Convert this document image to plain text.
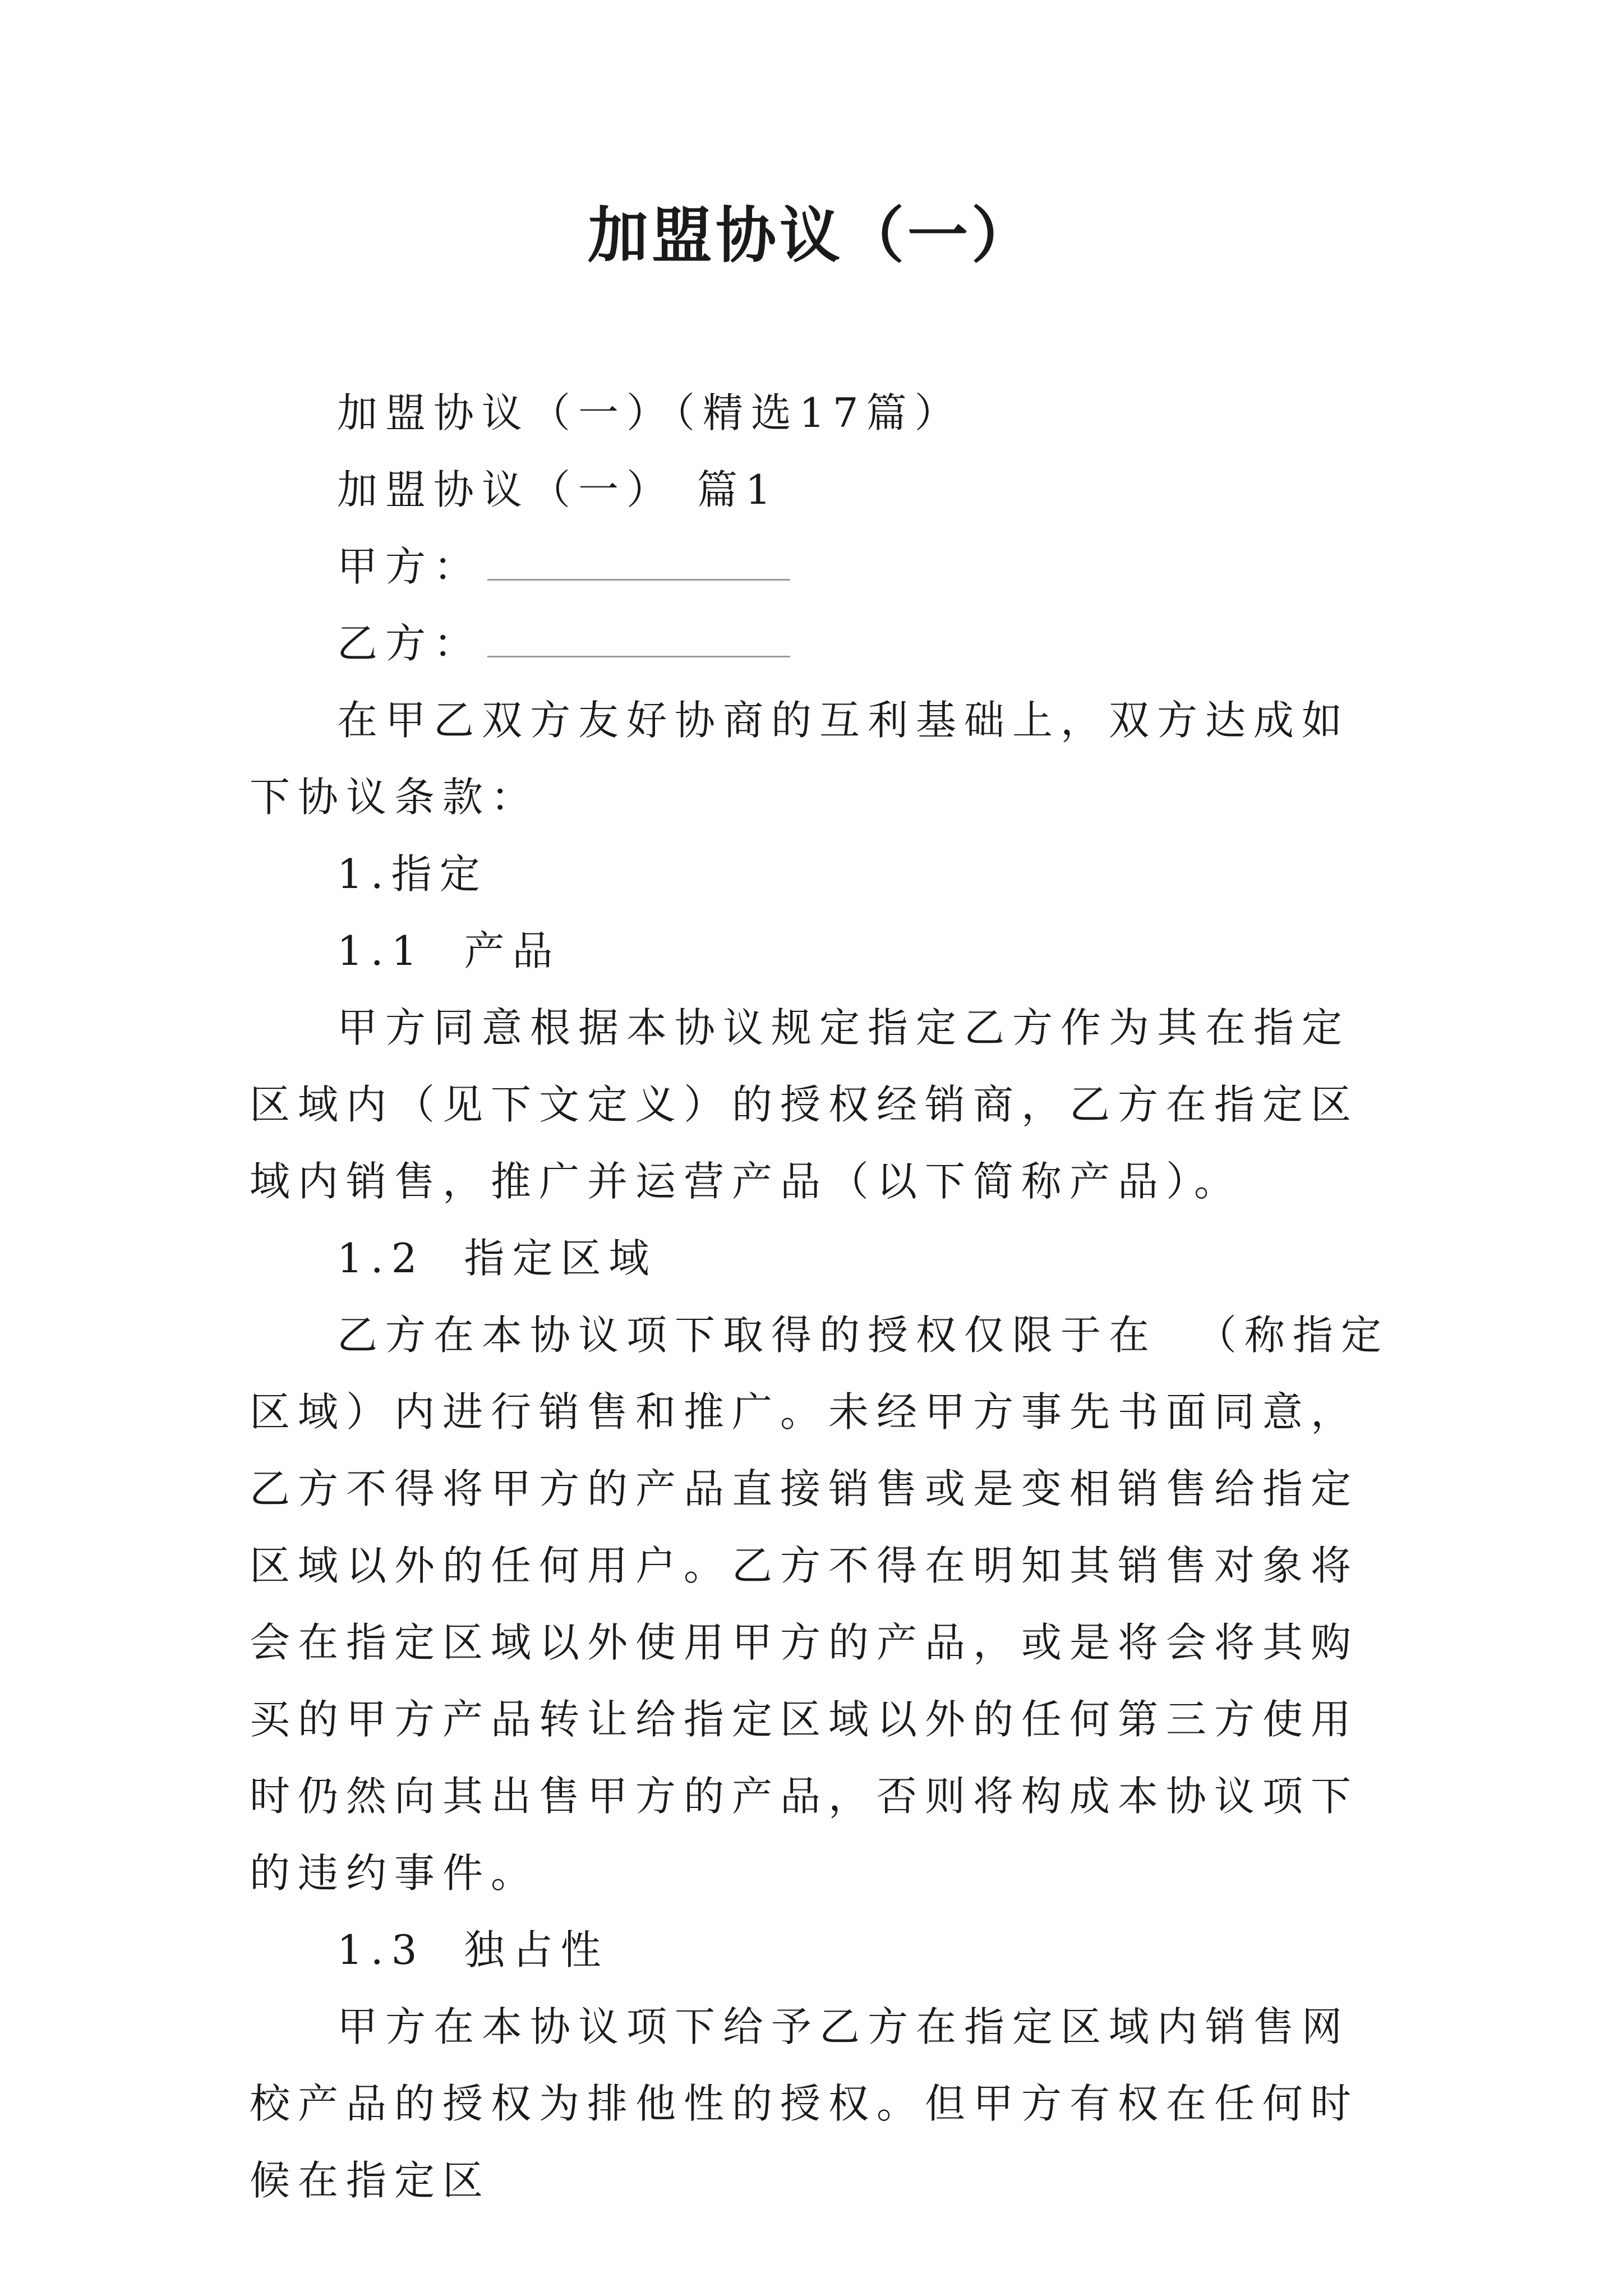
加盟协议（一）

加盟协议（一）（精选17篇）

加盟协议（一） 篇1

甲方：

乙方：

在甲乙双方友好协商的互利基础上，双方达成如下协议条款：

1.指定

1.1 产品

甲方同意根据本协议规定指定乙方作为其在指定区域内（见下文定义）的授权经销商，乙方在指定区域内销售，推广并运营产品（以下简称产品）。

1.2 指定区域

乙方在本协议项下取得的授权仅限于在 （称指定区域）内进行销售和推广。未经甲方事先书面同意，乙方不得将甲方的产品直接销售或是变相销售给指定区域以外的任何用户。乙方不得在明知其销售对象将会在指定区域以外使用甲方的产品，或是将会将其购买的甲方产品转让给指定区域以外的任何第三方使用时仍然向其出售甲方的产品，否则将构成本协议项下的违约事件。

1.3 独占性

甲方在本协议项下给予乙方在指定区域内销售网校产品的授权为排他性的授权。但甲方有权在任何时候在指定区
